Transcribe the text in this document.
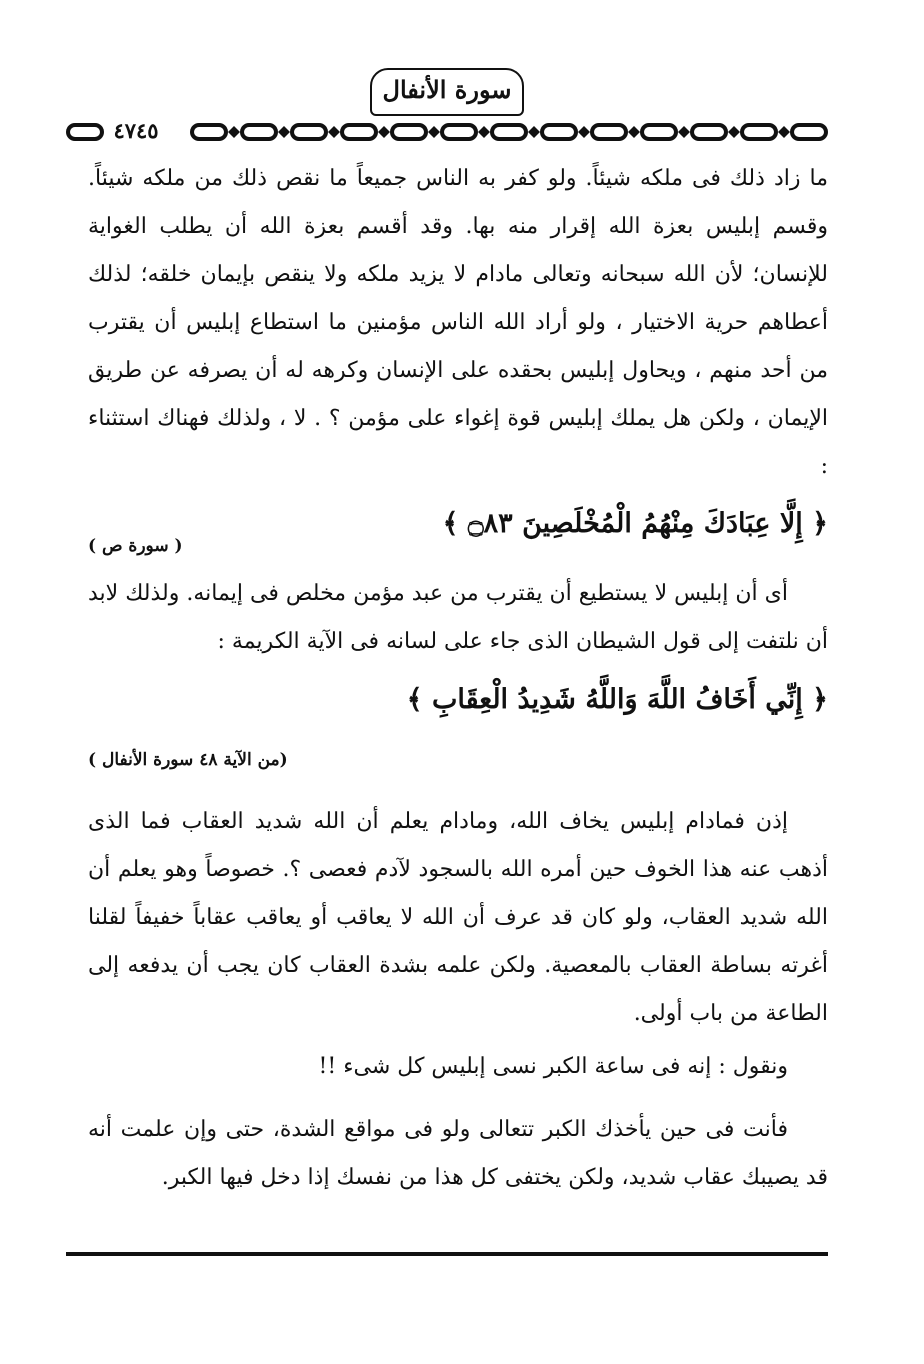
سورة الأنفال
٤٧٤٥
ما زاد ذلك فى ملكه شيئاً. ولو كفر به الناس جميعاً ما نقص ذلك من ملكه شيئاً. وقسم إبليس بعزة الله إقرار منه بها. وقد أقسم بعزة الله أن يطلب الغواية للإنسان؛ لأن الله سبحانه وتعالى مادام لا يزيد ملكه ولا ينقص بإيمان خلقه؛ لذلك أعطاهم حرية الاختيار ، ولو أراد الله الناس مؤمنين ما استطاع إبليس أن يقترب من أحد منهم ، ويحاول إبليس بحقده على الإنسان وكرهه له أن يصرفه عن طريق الإيمان ، ولكن هل يملك إبليس قوة إغواء على مؤمن ؟ . لا ، ولذلك فهناك استثناء :
﴿ إِلَّا عِبَادَكَ مِنْهُمُ الْمُخْلَصِينَ ۝٨٣ ﴾
( سورة ص )
أى أن إبليس لا يستطيع أن يقترب من عبد مؤمن مخلص فى إيمانه. ولذلك لابد أن نلتفت إلى قول الشيطان الذى جاء على لسانه فى الآية الكريمة :
﴿ إِنِّي أَخَافُ اللَّهَ وَاللَّهُ شَدِيدُ الْعِقَابِ ﴾
(من الآية ٤٨ سورة الأنفال )
إذن فمادام إبليس يخاف الله، ومادام يعلم أن الله شديد العقاب فما الذى أذهب عنه هذا الخوف حين أمره الله بالسجود لآدم فعصى ؟. خصوصاً وهو يعلم أن الله شديد العقاب، ولو كان قد عرف أن الله لا يعاقب أو يعاقب عقاباً خفيفاً لقلنا أغرته بساطة العقاب بالمعصية. ولكن علمه بشدة العقاب كان يجب أن يدفعه إلى الطاعة من باب أولى.
ونقول : إنه فى ساعة الكبر نسى إبليس كل شىء !!
فأنت فى حين يأخذك الكبر تتعالى ولو فى مواقع الشدة، حتى وإن علمت أنه قد يصيبك عقاب شديد، ولكن يختفى كل هذا من نفسك إذا دخل فيها الكبر.
